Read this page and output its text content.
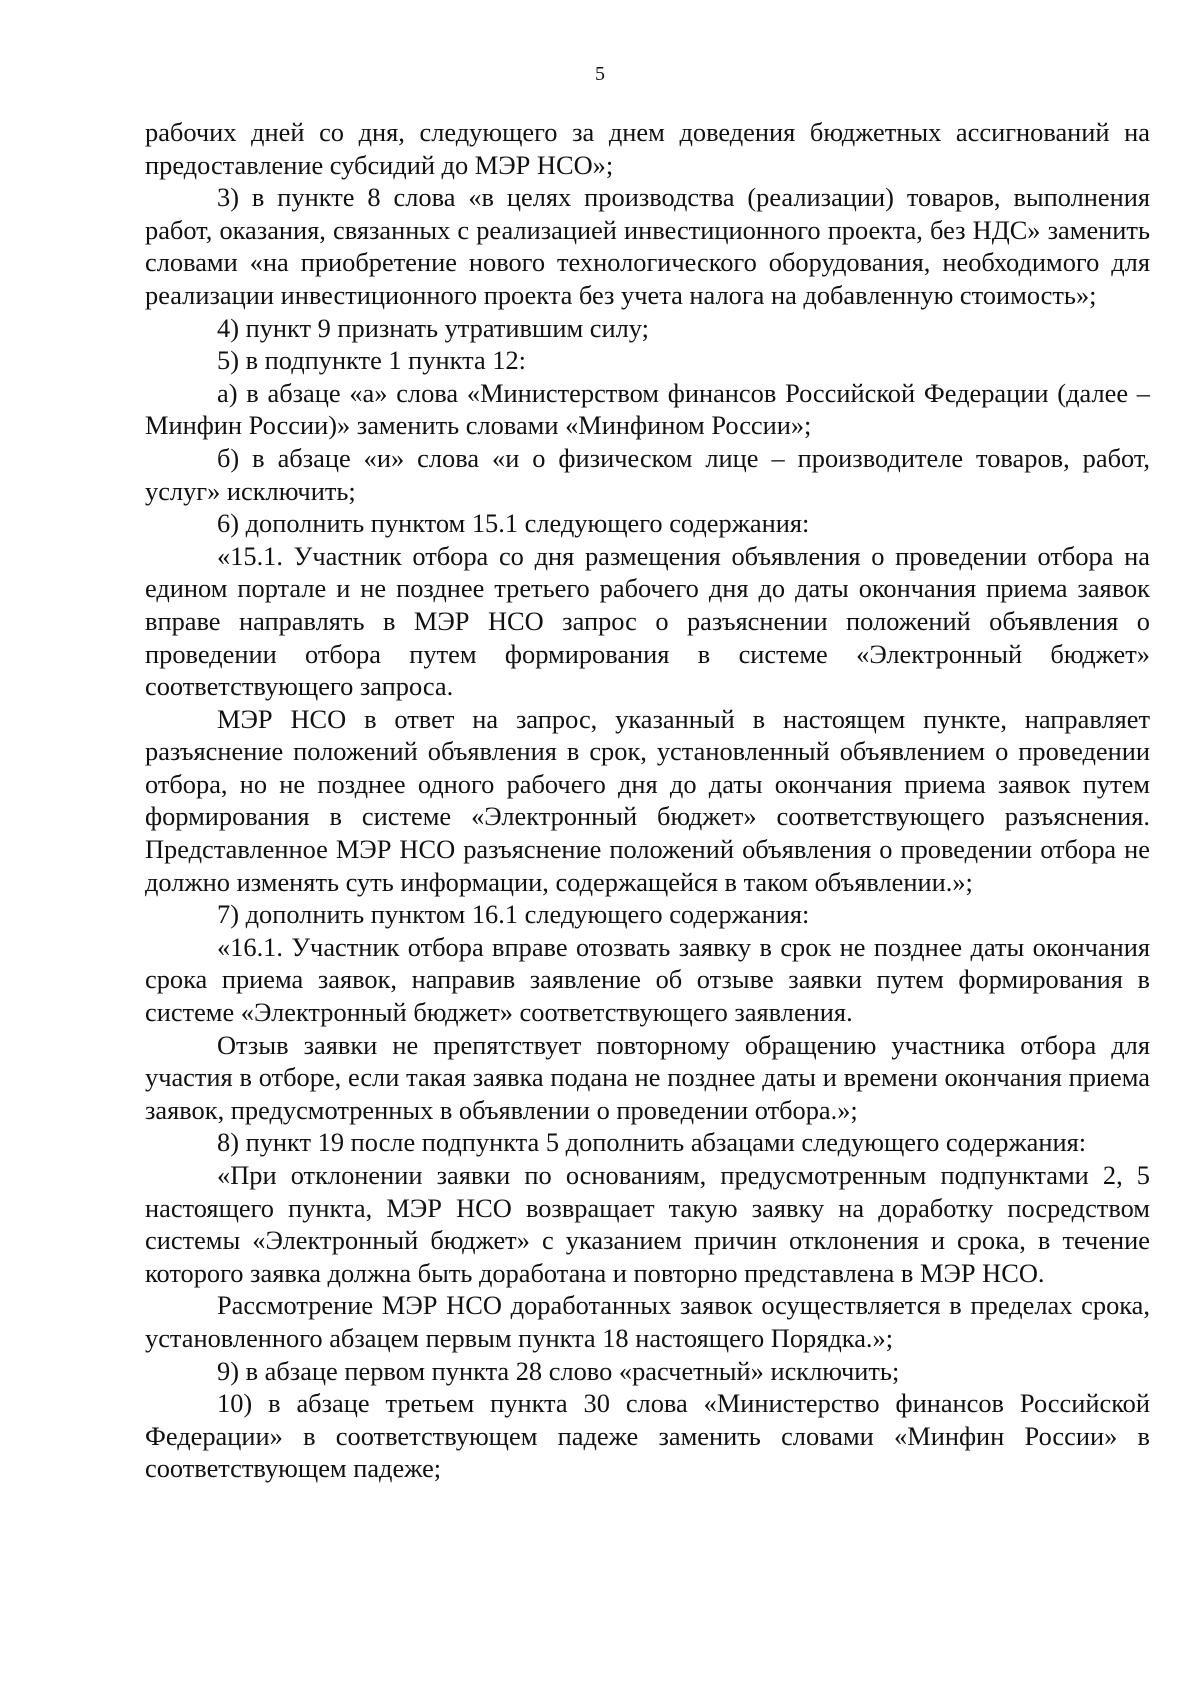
5

рабочих дней со дня, следующего за днем доведения бюджетных ассигнований на предоставление субсидий до МЭР НСО»;

3) в пункте 8 слова «в целях производства (реализации) товаров, выполнения работ, оказания, связанных с реализацией инвестиционного проекта, без НДС» заменить словами «на приобретение нового технологического оборудования, необходимого для реализации инвестиционного проекта без учета налога на добавленную стоимость»;

4) пункт 9 признать утратившим силу;

5) в подпункте 1 пункта 12:

а) в абзаце «а» слова «Министерством финансов Российской Федерации (далее – Минфин России)» заменить словами «Минфином России»;

б) в абзаце «и» слова «и о физическом лице – производителе товаров, работ, услуг» исключить;

6) дополнить пунктом 15.1 следующего содержания:

«15.1. Участник отбора со дня размещения объявления о проведении отбора на едином портале и не позднее третьего рабочего дня до даты окончания приема заявок вправе направлять в МЭР НСО запрос о разъяснении положений объявления о проведении отбора путем формирования в системе «Электронный бюджет» соответствующего запроса.

МЭР НСО в ответ на запрос, указанный в настоящем пункте, направляет разъяснение положений объявления в срок, установленный объявлением о проведении отбора, но не позднее одного рабочего дня до даты окончания приема заявок путем формирования в системе «Электронный бюджет» соответствующего разъяснения. Представленное МЭР НСО разъяснение положений объявления о проведении отбора не должно изменять суть информации, содержащейся в таком объявлении.»;

7) дополнить пунктом 16.1 следующего содержания:

«16.1. Участник отбора вправе отозвать заявку в срок не позднее даты окончания срока приема заявок, направив заявление об отзыве заявки путем формирования в системе «Электронный бюджет» соответствующего заявления.

Отзыв заявки не препятствует повторному обращению участника отбора для участия в отборе, если такая заявка подана не позднее даты и времени окончания приема заявок, предусмотренных в объявлении о проведении отбора.»;

8) пункт 19 после подпункта 5 дополнить абзацами следующего содержания:

«При отклонении заявки по основаниям, предусмотренным подпунктами 2, 5 настоящего пункта, МЭР НСО возвращает такую заявку на доработку посредством системы «Электронный бюджет» с указанием причин отклонения и срока, в течение которого заявка должна быть доработана и повторно представлена в МЭР НСО.

Рассмотрение МЭР НСО доработанных заявок осуществляется в пределах срока, установленного абзацем первым пункта 18 настоящего Порядка.»;

9) в абзаце первом пункта 28 слово «расчетный» исключить;

10) в абзаце третьем пункта 30 слова «Министерство финансов Российской Федерации» в соответствующем падеже заменить словами «Минфин России» в соответствующем падеже;
